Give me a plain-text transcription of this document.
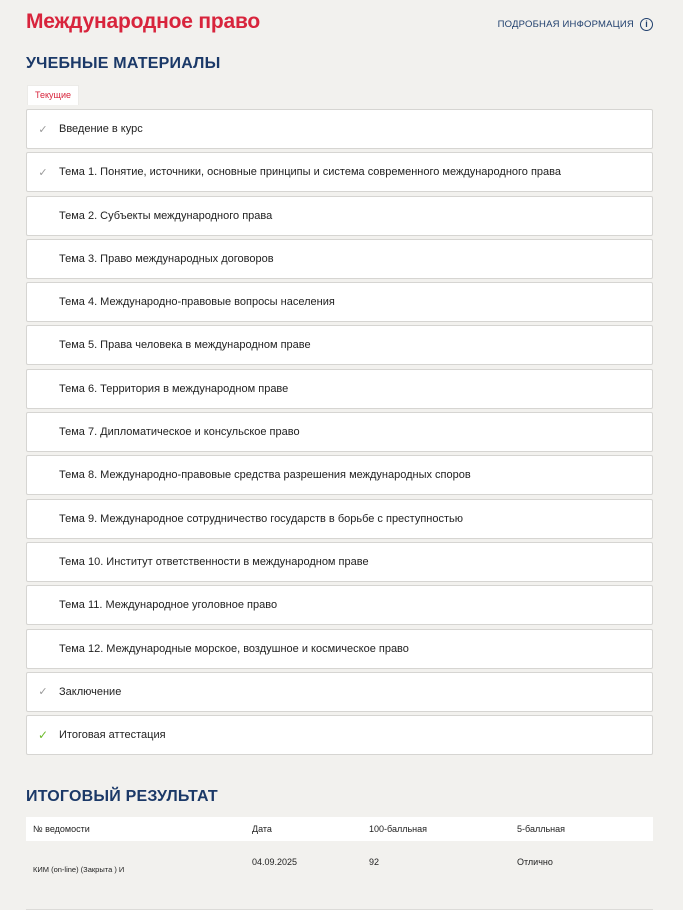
Международное право	ПОДРОБНАЯ ИНФОРМАЦИЯ	i
УЧЕБНЫЕ МАТЕРИАЛЫ
Текущие
✓	Введение в курс
✓	Тема 1. Понятие, источники, основные принципы и система современного международного права
Тема 2. Субъекты международного права
Тема 3. Право международных договоров
Тема 4. Международно-правовые вопросы населения
Тема 5. Права человека в международном праве
Тема 6. Территория в международном праве
Тема 7. Дипломатическое и консульское право
Тема 8. Международно-правовые средства разрешения международных споров
Тема 9. Международное сотрудничество государств в борьбе с преступностью
Тема 10. Институт ответственности в международном праве
Тема 11. Международное уголовное право
Тема 12. Международные морское, воздушное и космическое право
✓	Заключение
✓ Итоговая аттестация
ИТОГОВЫЙ РЕЗУЛЬТАТ
№ ведомости	Дата	100-балльная	5-балльная
КИМ (on-line) (Закрыта ) И	04.09.2025	92	Отлично
